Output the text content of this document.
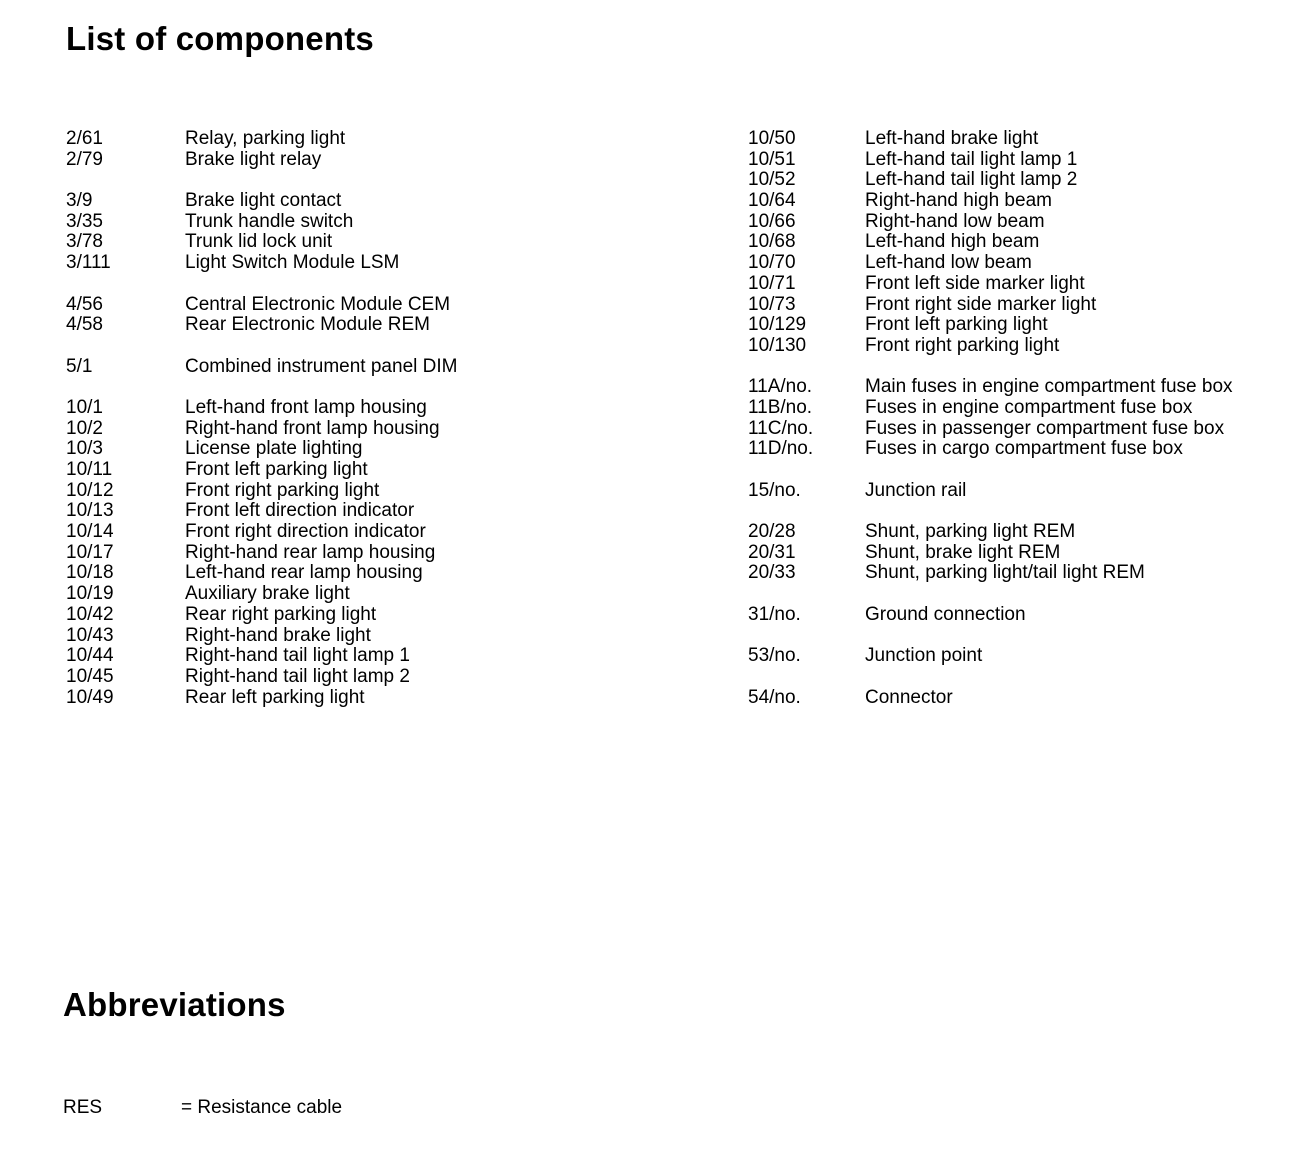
List of components
2/61	Relay, parking light
2/79	Brake light relay
3/9	Brake light contact
3/35	Trunk handle switch
3/78	Trunk lid lock unit
3/111	Light Switch Module LSM
4/56	Central Electronic Module CEM
4/58	Rear Electronic Module REM
5/1	Combined instrument panel DIM
10/1	Left-hand front lamp housing
10/2	Right-hand front lamp housing
10/3	License plate lighting
10/11	Front left parking light
10/12	Front right parking light
10/13	Front left direction indicator
10/14	Front right direction indicator
10/17	Right-hand rear lamp housing
10/18	Left-hand rear lamp housing
10/19	Auxiliary brake light
10/42	Rear right parking light
10/43	Right-hand brake light
10/44	Right-hand tail light lamp 1
10/45	Right-hand tail light lamp 2
10/49	Rear left parking light
10/50	Left-hand brake light
10/51	Left-hand tail light lamp 1
10/52	Left-hand tail light lamp 2
10/64	Right-hand high beam
10/66	Right-hand low beam
10/68	Left-hand high beam
10/70	Left-hand low beam
10/71	Front left side marker light
10/73	Front right side marker light
10/129	Front left parking light
10/130	Front right parking light
11A/no.	Main fuses in engine compartment fuse box
11B/no.	Fuses in engine compartment fuse box
11C/no.	Fuses in passenger compartment fuse box
11D/no.	Fuses in cargo compartment fuse box
15/no.	Junction rail
20/28	Shunt, parking light REM
20/31	Shunt, brake light REM
20/33	Shunt, parking light/tail light REM
31/no.	Ground connection
53/no.	Junction point
54/no.	Connector
Abbreviations
RES	= Resistance cable
